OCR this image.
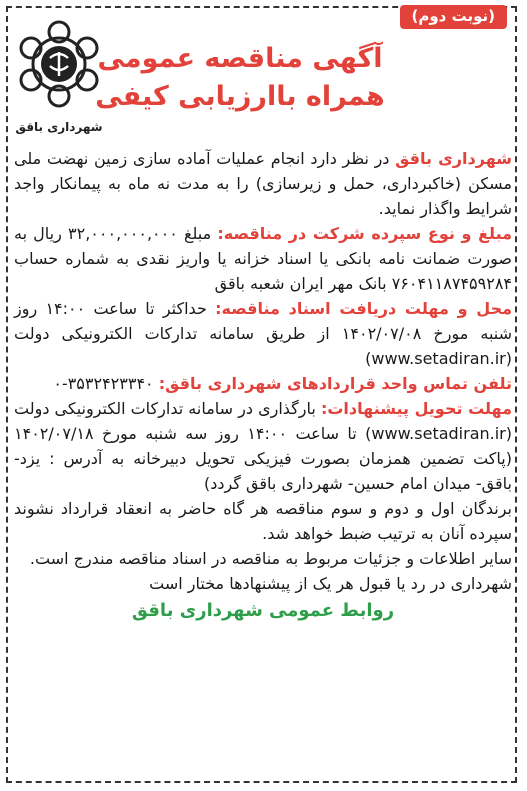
(نوبت دوم)
آگهی مناقصه عمومی
همراه باارزیابی کیفی
شهرداری باقق

شهرداری باقق در نظر دارد انجام عملیات آماده سازی زمین نهضت ملی مسکن (خاکبرداری، حمل و زیرسازی) را به مدت نه ماه به پیمانکار واجد شرایط واگذار نماید.

مبلغ و نوع سپرده شرکت در مناقصه: مبلغ ۳۲,۰۰۰,۰۰۰,۰۰۰ ریال به صورت ضمانت نامه بانکی یا اسناد خزانه یا واریز نقدی به شماره حساب ۷۶۰۴۱۱۸۷۴۵۹۲۸۴ بانک مهر ایران شعبه باقق

محل و مهلت دریافت اسناد مناقصه: حداکثر تا ساعت ۱۴:۰۰ روز شنبه مورخ ۱۴۰۲/۰۷/۰۸ از طریق سامانه تدارکات الکترونیکی دولت (www.setadiran.ir)

تلفن تماس واحد قراردادهای شهرداری باقق: ۳۵۳۲۴۲۳۳۴۰-۰

مهلت تحویل پیشنهادات: بارگذاری در سامانه تدارکات الکترونیکی دولت (www.setadiran.ir) تا ساعت ۱۴:۰۰ روز سه شنبه مورخ ۱۴۰۲/۰۷/۱۸ (پاکت تضمین همزمان بصورت فیزیکی تحویل دبیرخانه به آدرس : یزد- باقق- میدان امام حسین- شهرداری باقق گردد)

برندگان اول و دوم و سوم مناقصه هر گاه حاضر به انعقاد قرارداد نشوند سپرده آنان به ترتیب ضبط خواهد شد.

سایر اطلاعات و جزئیات مربوط به مناقصه در اسناد مناقصه مندرج است.

شهرداری در رد یا قبول هر یک از پیشنهادها مختار است

روابط عمومی شهرداری باقق
